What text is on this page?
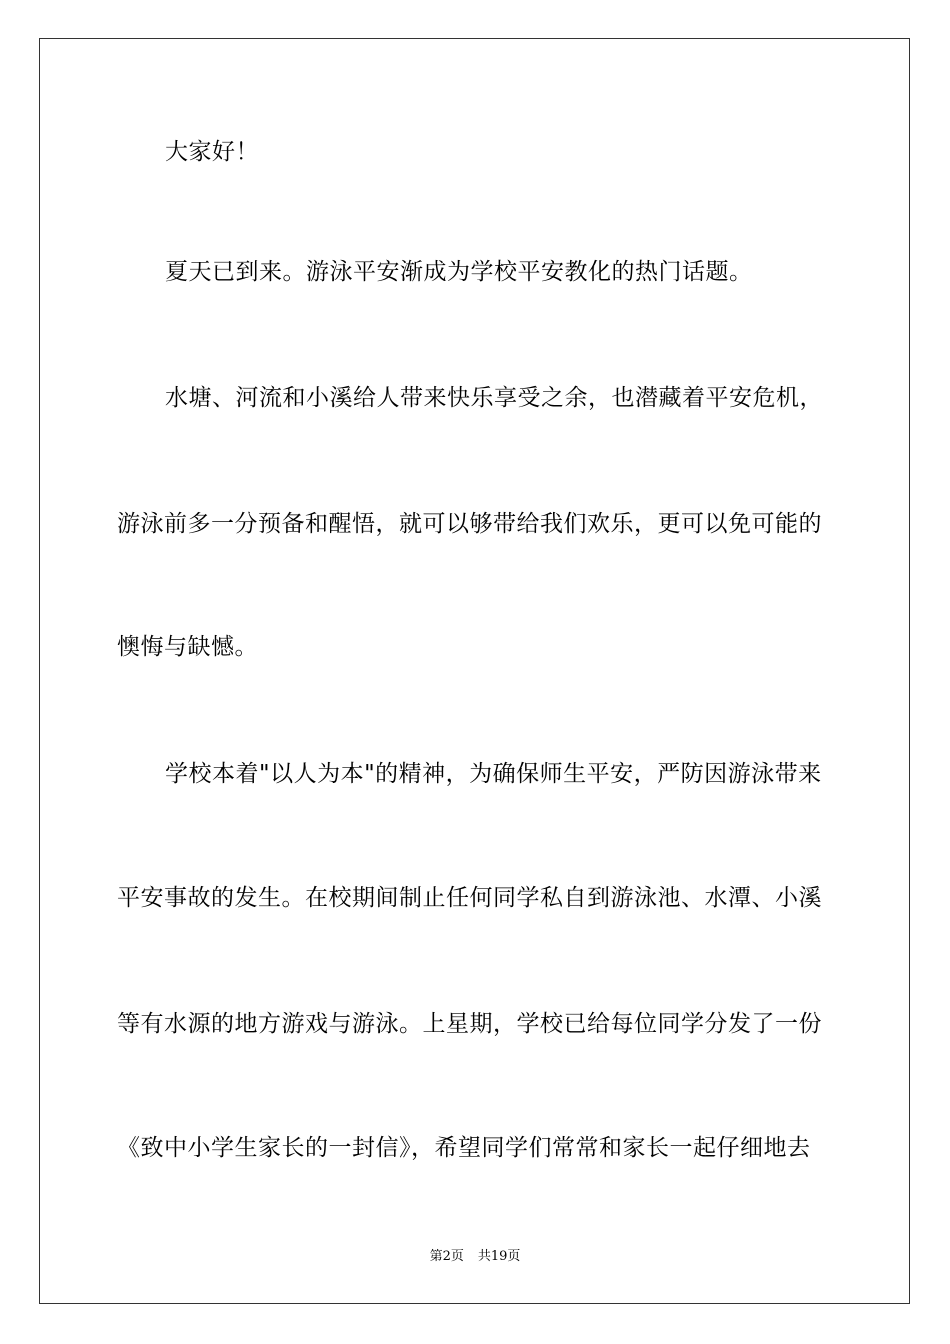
大家好！
夏天已到来。游泳平安渐成为学校平安教化的热门话题。
水塘、河流和小溪给人带来快乐享受之余，也潜藏着平安危机，
游泳前多一分预备和醒悟，就可以够带给我们欢乐，更可以免可能的
懊悔与缺憾。
学校本着"以人为本"的精神，为确保师生平安，严防因游泳带来
平安事故的发生。在校期间制止任何同学私自到游泳池、水潭、小溪
等有水源的地方游戏与游泳。上星期，学校已给每位同学分发了一份
《致中小学生家长的一封信》，希望同学们常常和家长一起仔细地去
第2页 共19页
